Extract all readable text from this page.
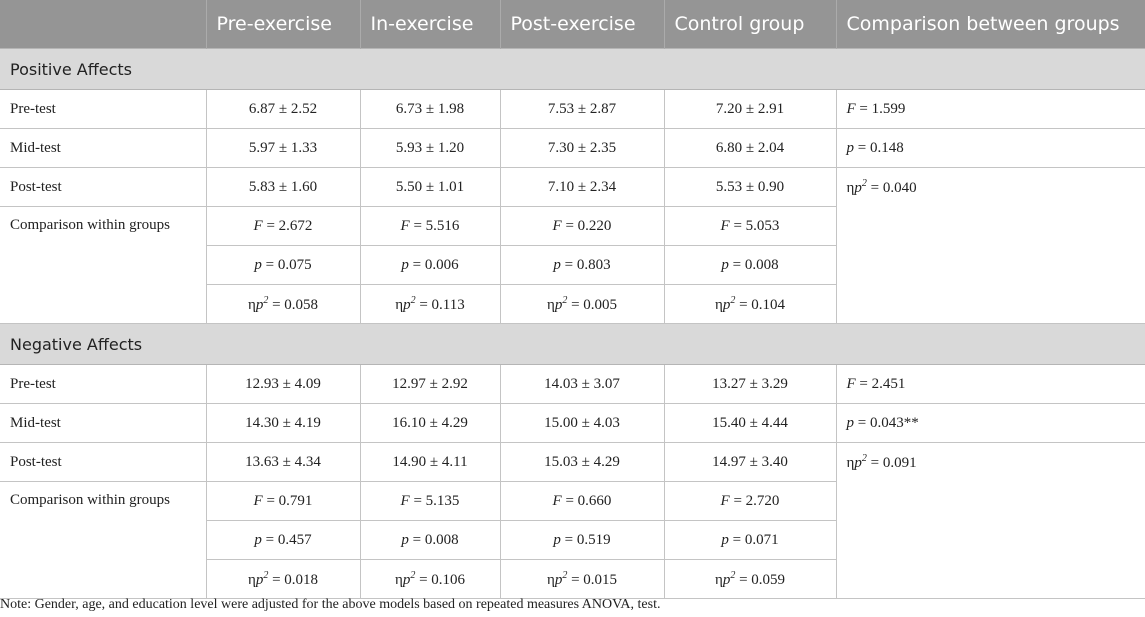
	Pre-exercise	In-exercise	Post-exercise	Control group	Comparison between groups
Positive Affects					
Pre-test	6.87 ± 2.52	6.73 ± 1.98	7.53 ± 2.87	7.20 ± 2.91	F = 1.599
Mid-test	5.97 ± 1.33	5.93 ± 1.20	7.30 ± 2.35	6.80 ± 2.04	p = 0.148
Post-test	5.83 ± 1.60	5.50 ± 1.01	7.10 ± 2.34	5.53 ± 0.90	$\eta p^2 = 0.040$
Comparison within groups	F = 2.672	F = 5.516	F = 0.220	F = 5.053	
	p = 0.075	p = 0.006	p = 0.803	p = 0.008	
	$\eta p^2 = 0.058$	$\eta p^2 = 0.113$	$\eta p^2 = 0.005$	$\eta p^2 = 0.104$	
Negative Affects					
Pre-test	12.93 ± 4.09	12.97 ± 2.92	14.03 ± 3.07	13.27 ± 3.29	F = 2.451
Mid-test	14.30 ± 4.19	16.10 ± 4.29	15.00 ± 4.03	15.40 ± 4.44	p = 0.043**
Post-test	13.63 ± 4.34	14.90 ± 4.11	15.03 ± 4.29	14.97 ± 3.40	$\eta p^2 = 0.091$
Comparison within groups	F = 0.791	F = 5.135	F = 0.660	F = 2.720	
	p = 0.457	p = 0.008	p = 0.519	p = 0.071	
	$\eta p^2 = 0.018$	$\eta p^2 = 0.106$	$\eta p^2 = 0.015$	$\eta p^2 = 0.059$	
Note: Gender, age, and education level were adjusted for the above models based on repeated measures ANOVA, test.
